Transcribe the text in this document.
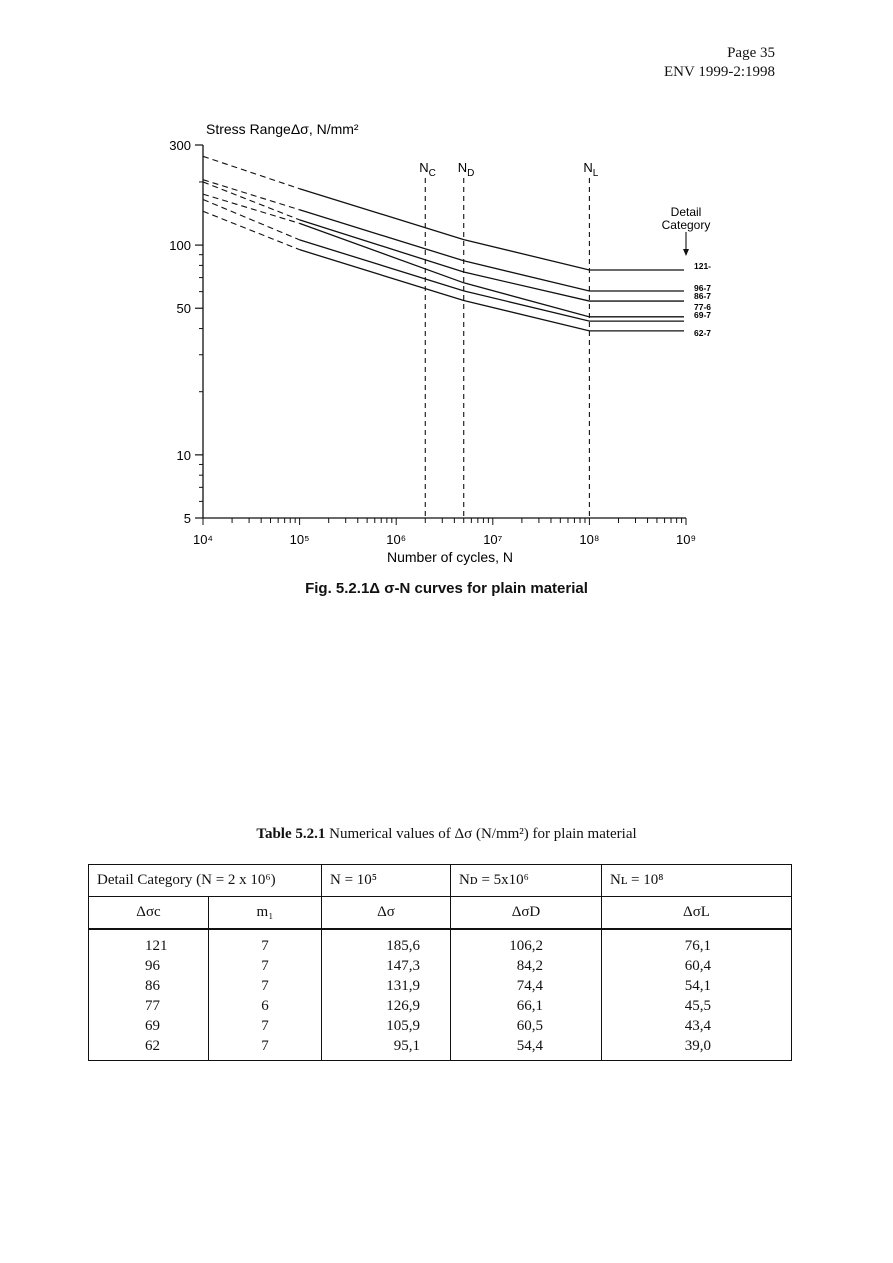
Page 35
ENV 1999-2:1998
Stress RangeΔσ, N/mm²
Number of cycles, N
300
100
50
10
5
10⁴	10⁵	10⁶	10⁷	10⁸	10⁹
$N_C$ $N_D$	$N_L$
Detail
Category
121-
96-7
86-7
77-6
69-7
62-7
Fig. 5.2.1Δ σ-N curves for plain material
Table 5.2.1 Numerical values of Δσ (N/mm²) for plain material
Detail Category (N = 2 x 10⁶)		N = 10⁵	Nᴅ = 5x10⁶	Nʟ = 10⁸
Δσc	m₁	Δσ	ΔσD	ΔσL
121	7	185,6	106,2	76,1
96	7	147,3	84,2	60,4
86	7	131,9	74,4	54,1
77	6	126,9	66,1	45,5
69	7	105,9	60,5	43,4
62	7	95,1	54,4	39,0
